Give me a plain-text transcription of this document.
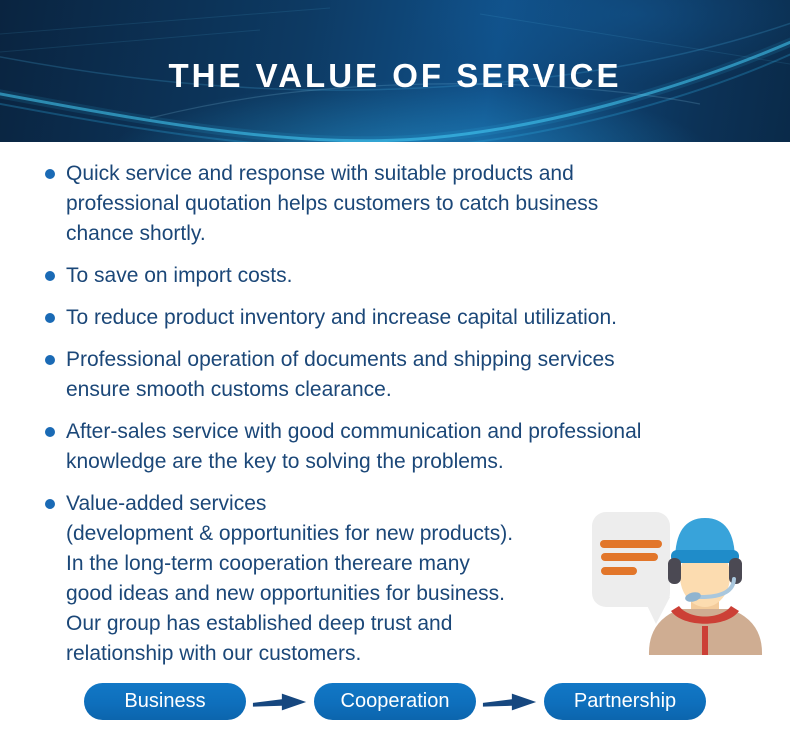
THE VALUE OF SERVICE
Quick service and response with suitable products and
professional quotation helps customers to catch business
chance shortly.
To save on import costs.
To reduce product inventory and increase capital utilization.
Professional operation of documents and shipping services
ensure smooth customs clearance.
After-sales service with good communication and professional
knowledge are the key to solving the problems.
Value-added services
(development & opportunities for new products).
In the long-term cooperation thereare many
good ideas and new opportunities for business.
Our group has established deep trust and
relationship with our customers.
Business	Cooperation	Partnership
